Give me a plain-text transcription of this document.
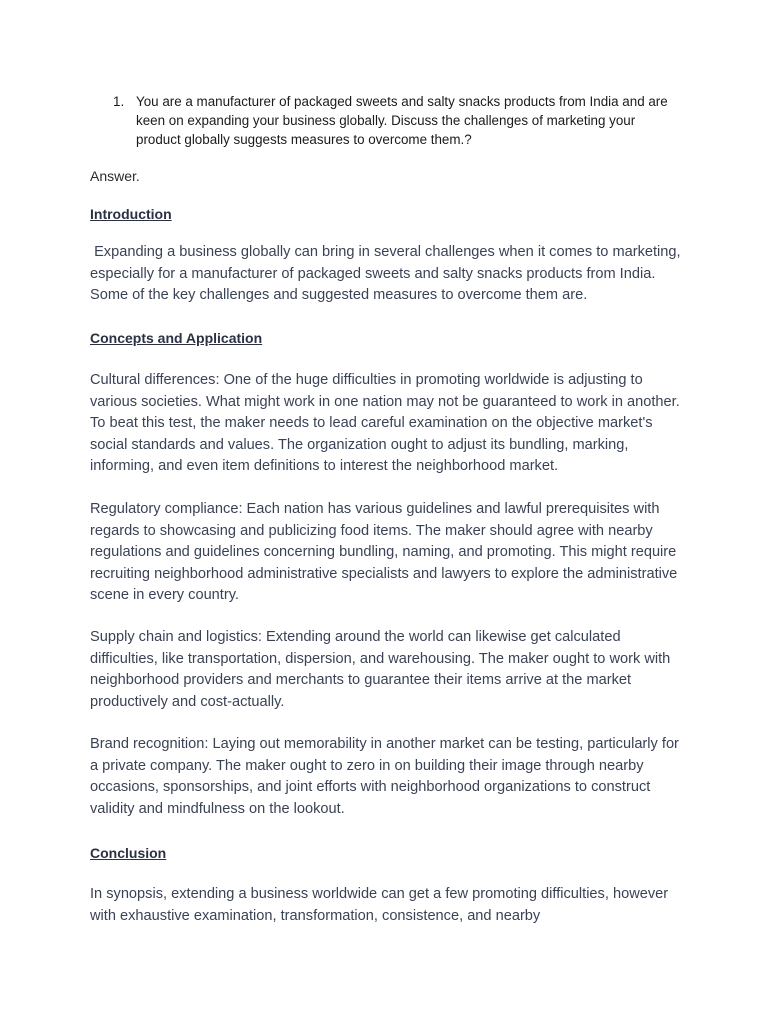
1. You are a manufacturer of packaged sweets and salty snacks products from India and are keen on expanding your business globally. Discuss the challenges of marketing your product globally suggests measures to overcome them.?
Answer.
Introduction

Expanding a business globally can bring in several challenges when it comes to marketing, especially for a manufacturer of packaged sweets and salty snacks products from India. Some of the key challenges and suggested measures to overcome them are.

Concepts and Application

Cultural differences: One of the huge difficulties in promoting worldwide is adjusting to various societies. What might work in one nation may not be guaranteed to work in another. To beat this test, the maker needs to lead careful examination on the objective market's social standards and values. The organization ought to adjust its bundling, marking, informing, and even item definitions to interest the neighborhood market.

Regulatory compliance: Each nation has various guidelines and lawful prerequisites with regards to showcasing and publicizing food items. The maker should agree with nearby regulations and guidelines concerning bundling, naming, and promoting. This might require recruiting neighborhood administrative specialists and lawyers to explore the administrative scene in every country.

Supply chain and logistics: Extending around the world can likewise get calculated difficulties, like transportation, dispersion, and warehousing. The maker ought to work with neighborhood providers and merchants to guarantee their items arrive at the market productively and cost-actually.

Brand recognition: Laying out memorability in another market can be testing, particularly for a private company. The maker ought to zero in on building their image through nearby occasions, sponsorships, and joint efforts with neighborhood organizations to construct validity and mindfulness on the lookout.

Conclusion

In synopsis, extending a business worldwide can get a few promoting difficulties, however with exhaustive examination, transformation, consistence, and nearby
